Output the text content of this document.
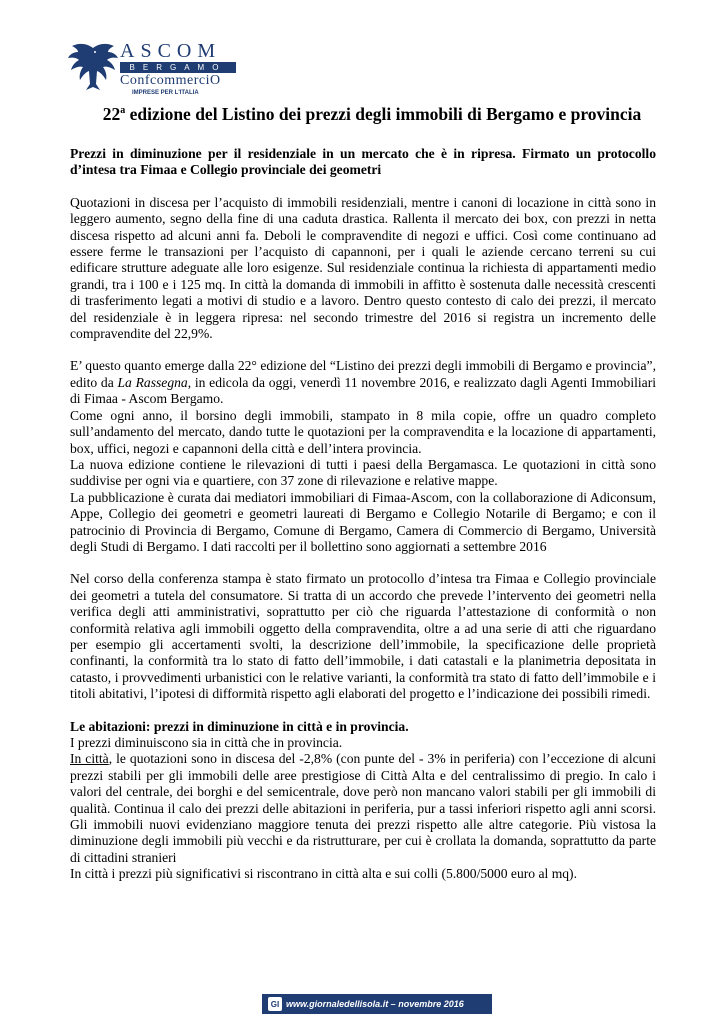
ASCOM
BERGAMO
ConfcommerciO
IMPRESE PER L'ITALIA
22$^a$ edizione del Listino dei prezzi degli immobili di Bergamo e provincia

Prezzi in diminuzione per il residenziale in un mercato che è in ripresa. Firmato un protocollo d’intesa tra Fimaa e Collegio provinciale dei geometri

Quotazioni in discesa per l’acquisto di immobili residenziali, mentre i canoni di locazione in città sono in leggero aumento, segno della fine di una caduta drastica. Rallenta il mercato dei box, con prezzi in netta discesa rispetto ad alcuni anni fa. Deboli le compravendite di negozi e uffici. Così come continuano ad essere ferme le transazioni per l’acquisto di capannoni, per i quali le aziende cercano terreni su cui edificare strutture adeguate alle loro esigenze. Sul residenziale continua la richiesta di appartamenti medio grandi, tra i 100 e i 125 mq. In città la domanda di immobili in affitto è sostenuta dalle necessità crescenti di trasferimento legati a motivi di studio e a lavoro. Dentro questo contesto di calo dei prezzi, il mercato del residenziale è in leggera ripresa: nel secondo trimestre del 2016 si registra un incremento delle compravendite del 22,9%.

E’ questo quanto emerge dalla 22° edizione del “Listino dei prezzi degli immobili di Bergamo e provincia”, edito da La Rassegna, in edicola da oggi, venerdì 11 novembre 2016, e realizzato dagli Agenti Immobiliari di Fimaa - Ascom Bergamo.

Come ogni anno, il borsino degli immobili, stampato in 8 mila copie, offre un quadro completo sull’andamento del mercato, dando tutte le quotazioni per la compravendita e la locazione di appartamenti, box, uffici, negozi e capannoni della città e dell’intera provincia.

La nuova edizione contiene le rilevazioni di tutti i paesi della Bergamasca. Le quotazioni in città sono suddivise per ogni via e quartiere, con 37 zone di rilevazione e relative mappe.

La pubblicazione è curata dai mediatori immobiliari di Fimaa-Ascom, con la collaborazione di Adiconsum, Appe, Collegio dei geometri e geometri laureati di Bergamo e Collegio Notarile di Bergamo; e con il patrocinio di Provincia di Bergamo, Comune di Bergamo, Camera di Commercio di Bergamo, Università degli Studi di Bergamo. I dati raccolti per il bollettino sono aggiornati a settembre 2016

Nel corso della conferenza stampa è stato firmato un protocollo d’intesa tra Fimaa e Collegio provinciale dei geometri a tutela del consumatore. Si tratta di un accordo che prevede l’intervento dei geometri nella verifica degli atti amministrativi, soprattutto per ciò che riguarda l’attestazione di conformità o non conformità relativa agli immobili oggetto della compravendita, oltre a ad una serie di atti che riguardano per esempio gli accertamenti svolti, la descrizione dell’immobile, la specificazione delle proprietà confinanti, la conformità tra lo stato di fatto dell’immobile, i dati catastali e la planimetria depositata in catasto, i provvedimenti urbanistici con le relative varianti, la conformità tra stato di fatto dell’immobile e i titoli abitativi, l’ipotesi di difformità rispetto agli elaborati del progetto e l’indicazione dei possibili rimedi.

Le abitazioni: prezzi in diminuzione in città e in provincia.

I prezzi diminuiscono sia in città che in provincia.

In città, le quotazioni sono in discesa del -2,8% (con punte del - 3% in periferia) con l’eccezione di alcuni prezzi stabili per gli immobili delle aree prestigiose di Città Alta e del centralissimo di pregio. In calo i valori del centrale, dei borghi e del semicentrale, dove però non mancano valori stabili per gli immobili di qualità. Continua il calo dei prezzi delle abitazioni in periferia, pur a tassi inferiori rispetto agli anni scorsi. Gli immobili nuovi evidenziano maggiore tenuta dei prezzi rispetto alle altre categorie. Più vistosa la diminuzione degli immobili più vecchi e da ristrutturare, per cui è crollata la domanda, soprattutto da parte di cittadini stranieri

In città i prezzi più significativi si riscontrano in città alta e sui colli (5.800/5000 euro al mq).

GI www.giornaledellisola.it – novembre 2016
